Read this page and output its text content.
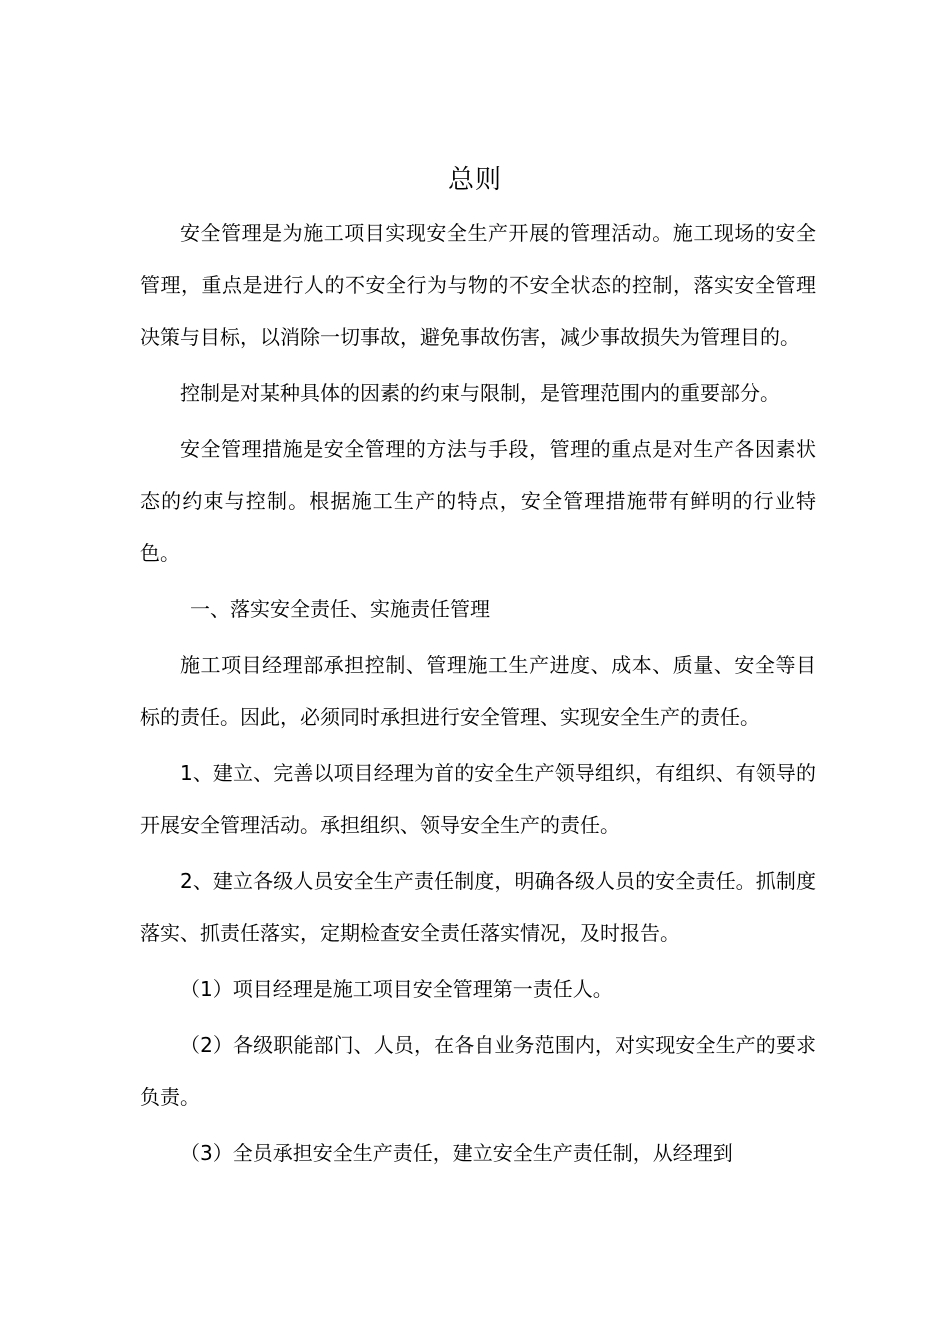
总则

安全管理是为施工项目实现安全生产开展的管理活动。施工现场的安全管理，重点是进行人的不安全行为与物的不安全状态的控制，落实安全管理决策与目标，以消除一切事故，避免事故伤害，减少事故损失为管理目的。

控制是对某种具体的因素的约束与限制，是管理范围内的重要部分。

安全管理措施是安全管理的方法与手段，管理的重点是对生产各因素状态的约束与控制。根据施工生产的特点，安全管理措施带有鲜明的行业特色。

一、落实安全责任、实施责任管理

施工项目经理部承担控制、管理施工生产进度、成本、质量、安全等目标的责任。因此，必须同时承担进行安全管理、实现安全生产的责任。

1、建立、完善以项目经理为首的安全生产领导组织，有组织、有领导的开展安全管理活动。承担组织、领导安全生产的责任。

2、建立各级人员安全生产责任制度，明确各级人员的安全责任。抓制度落实、抓责任落实，定期检查安全责任落实情况，及时报告。

（1）项目经理是施工项目安全管理第一责任人。

（2）各级职能部门、人员，在各自业务范围内，对实现安全生产的要求负责。

（3）全员承担安全生产责任，建立安全生产责任制，从经理到
